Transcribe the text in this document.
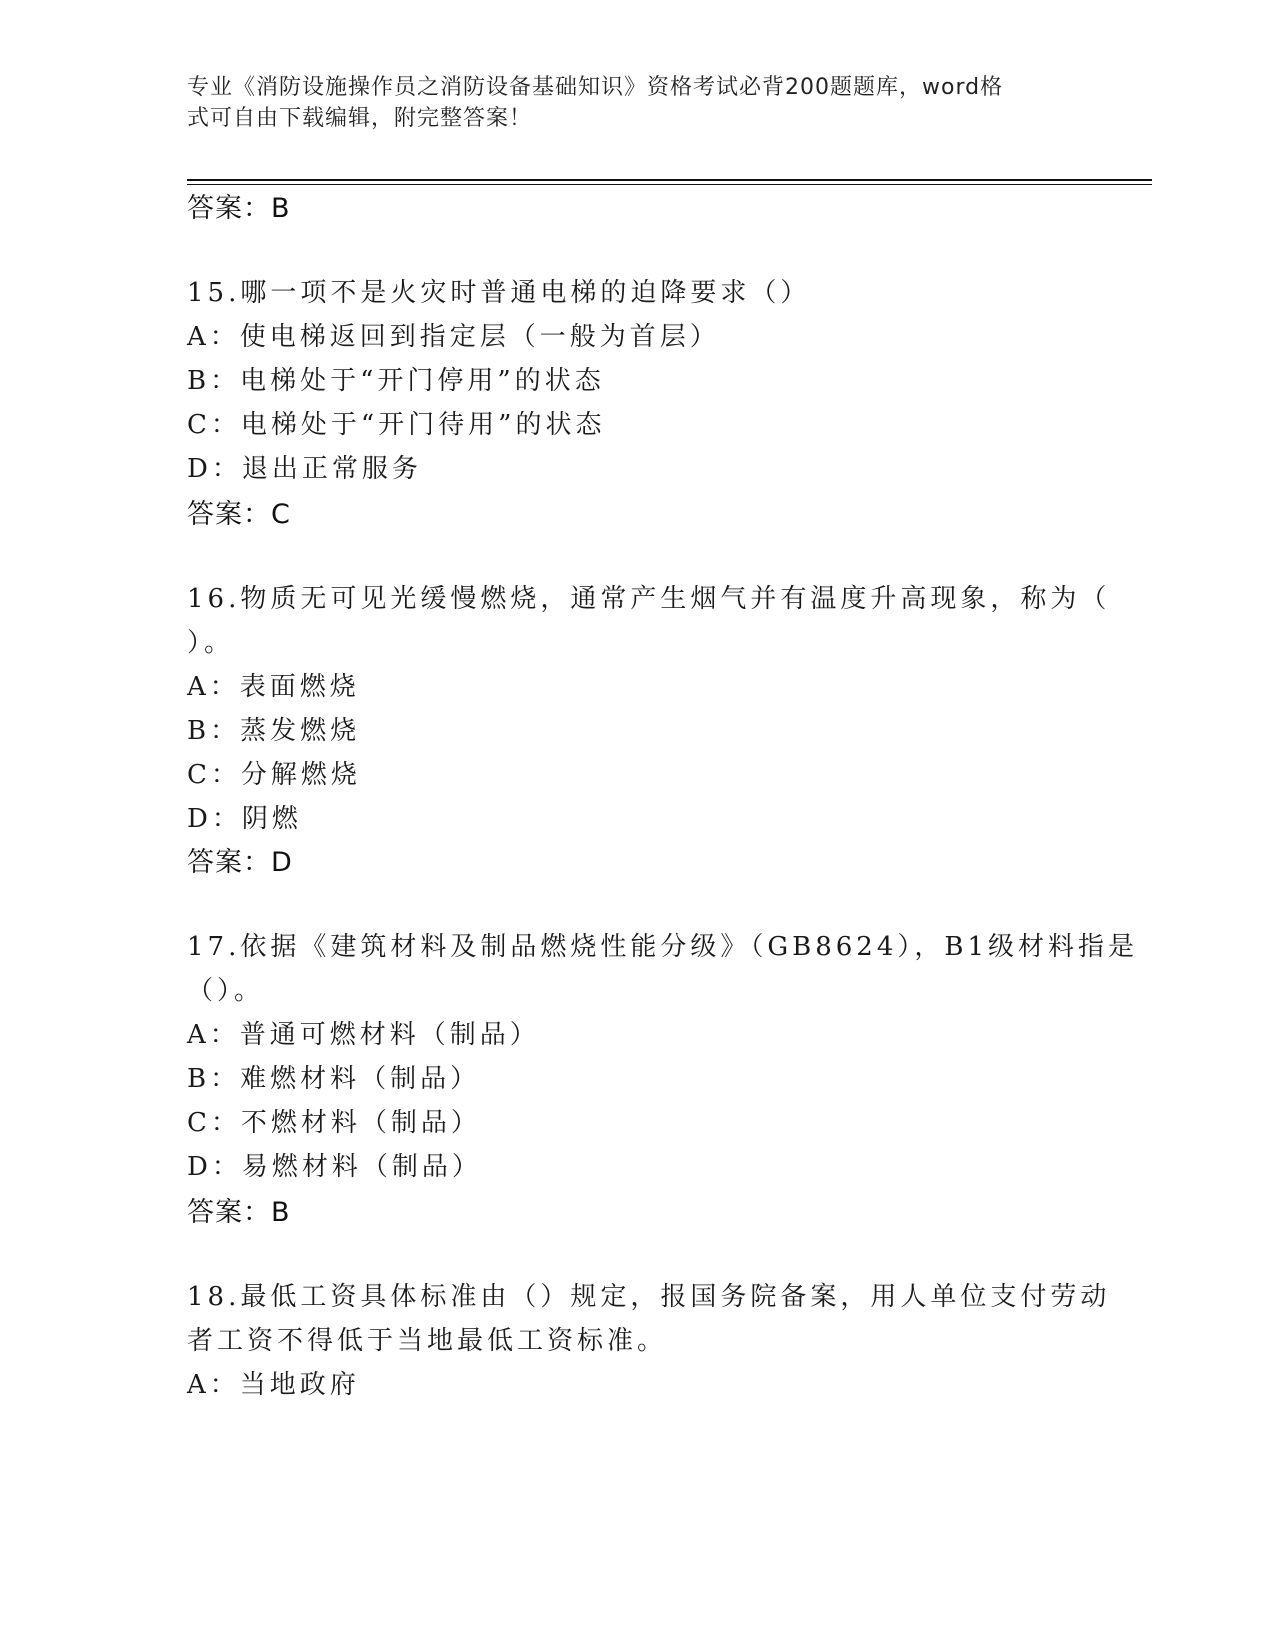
专业《消防设施操作员之消防设备基础知识》资格考试必背200题题库，word格
式可自由下载编辑，附完整答案！
答案：B
15.哪一项不是火灾时普通电梯的迫降要求（）
A：使电梯返回到指定层（一般为首层）
B：电梯处于“开门停用”的状态
C：电梯处于“开门待用”的状态
D：退出正常服务
答案：C
16.物质无可见光缓慢燃烧，通常产生烟气并有温度升高现象，称为（
）。
A：表面燃烧
B：蒸发燃烧
C：分解燃烧
D：阴燃
答案：D
17.依据《建筑材料及制品燃烧性能分级》（GB8624），B1级材料指是
（）。
A：普通可燃材料（制品）
B：难燃材料（制品）
C：不燃材料（制品）
D：易燃材料（制品）
答案：B
18.最低工资具体标准由（）规定，报国务院备案，用人单位支付劳动
者工资不得低于当地最低工资标准。
A：当地政府
